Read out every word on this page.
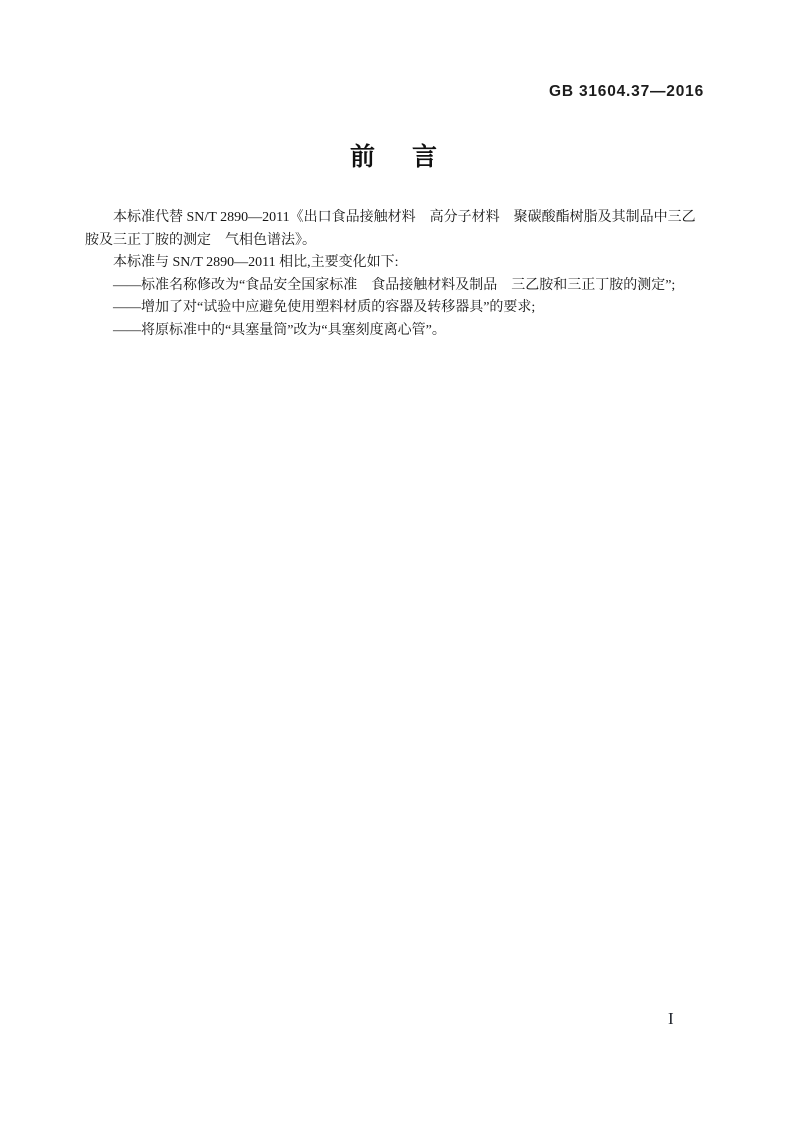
GB 31604.37—2016
前　言
本标准代替 SN/T 2890—2011《出口食品接触材料　高分子材料　聚碳酸酯树脂及其制品中三乙
胺及三正丁胺的测定　气相色谱法》。
本标准与 SN/T 2890—2011 相比,主要变化如下:
——标准名称修改为“食品安全国家标准　食品接触材料及制品　三乙胺和三正丁胺的测定”;
——增加了对“试验中应避免使用塑料材质的容器及转移器具”的要求;
——将原标准中的“具塞量筒”改为“具塞刻度离心管”。
I
